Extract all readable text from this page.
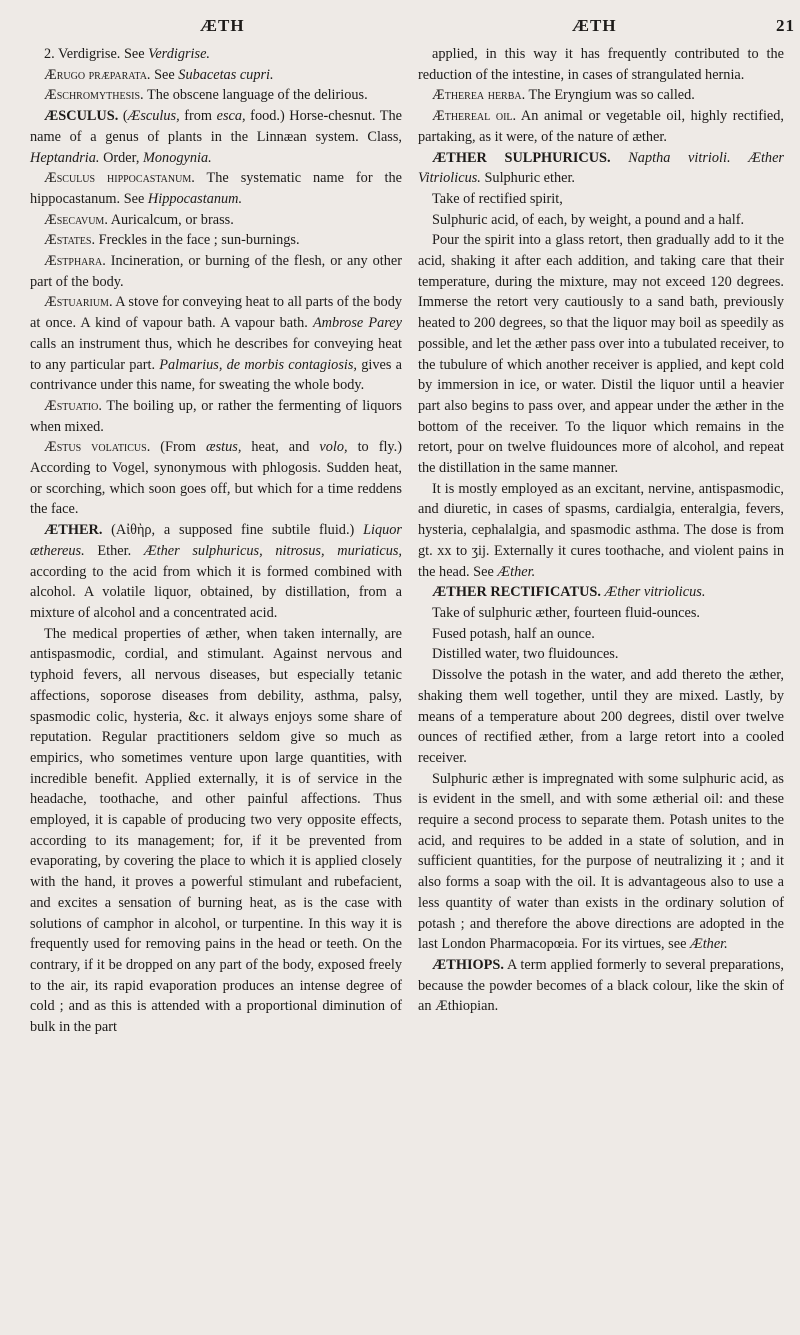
ÆTH	ÆTH	21

2. Verdigrise. See Verdigrise.

Ærugo præparata. See Subacetas cupri.

Æschromythesis. The obscene language of the delirious.

ÆSCULUS. (Æsculus, from esca, food.) Horse-chesnut. The name of a genus of plants in the Linnæan system. Class, Heptandria. Order, Monogynia.

Æsculus hippocastanum. The systematic name for the hippocastanum. See Hippocastanum.

Æsecavum. Auricalcum, or brass.

Æstates. Freckles in the face ; sun-burnings.

Æstphara. Incineration, or burning of the flesh, or any other part of the body.

Æstuarium. A stove for conveying heat to all parts of the body at once. A kind of vapour bath. A vapour bath. Ambrose Parey calls an instrument thus, which he describes for conveying heat to any particular part. Palmarius, de morbis contagiosis, gives a contrivance under this name, for sweating the whole body.

Æstuatio. The boiling up, or rather the fermenting of liquors when mixed.

Æstus volaticus. (From æstus, heat, and volo, to fly.) According to Vogel, synonymous with phlogosis. Sudden heat, or scorching, which soon goes off, but which for a time reddens the face.

ÆTHER. (Αἰθὴρ, a supposed fine subtile fluid.) Liquor æthereus. Ether. Æther sulphuricus, nitrosus, muriaticus, according to the acid from which it is formed combined with alcohol. A volatile liquor, obtained, by distillation, from a mixture of alcohol and a concentrated acid.

The medical properties of æther, when taken internally, are antispasmodic, cordial, and stimulant. Against nervous and typhoid fevers, all nervous diseases, but especially tetanic affections, soporose diseases from debility, asthma, palsy, spasmodic colic, hysteria, &c. it always enjoys some share of reputation. Regular practitioners seldom give so much as empirics, who sometimes venture upon large quantities, with incredible benefit. Applied externally, it is of service in the headache, toothache, and other painful affections. Thus employed, it is capable of producing two very opposite effects, according to its management; for, if it be prevented from evaporating, by covering the place to which it is applied closely with the hand, it proves a powerful stimulant and rubefacient, and excites a sensation of burning heat, as is the case with solutions of camphor in alcohol, or turpentine. In this way it is frequently used for removing pains in the head or teeth. On the contrary, if it be dropped on any part of the body, exposed freely to the air, its rapid evaporation produces an intense degree of cold ; and as this is attended with a proportional diminution of bulk in the part

applied, in this way it has frequently contributed to the reduction of the intestine, in cases of strangulated hernia.

Ætherea herba. The Eryngium was so called.

Æthereal oil. An animal or vegetable oil, highly rectified, partaking, as it were, of the nature of æther.

ÆTHER SULPHURICUS. Naptha vitrioli. Æther Vitriolicus. Sulphuric ether.

Take of rectified spirit,

Sulphuric acid, of each, by weight, a pound and a half.

Pour the spirit into a glass retort, then gradually add to it the acid, shaking it after each addition, and taking care that their temperature, during the mixture, may not exceed 120 degrees. Immerse the retort very cautiously to a sand bath, previously heated to 200 degrees, so that the liquor may boil as speedily as possible, and let the æther pass over into a tubulated receiver, to the tubulure of which another receiver is applied, and kept cold by immersion in ice, or water. Distil the liquor until a heavier part also begins to pass over, and appear under the æther in the bottom of the receiver. To the liquor which remains in the retort, pour on twelve fluidounces more of alcohol, and repeat the distillation in the same manner.

It is mostly employed as an excitant, nervine, antispasmodic, and diuretic, in cases of spasms, cardialgia, enteralgia, fevers, hysteria, cephalalgia, and spasmodic asthma. The dose is from gt. xx to ʒij. Externally it cures toothache, and violent pains in the head. See Æther.

ÆTHER RECTIFICATUS. Æther vitriolicus.

Take of sulphuric æther, fourteen fluid-ounces.

Fused potash, half an ounce.

Distilled water, two fluidounces.

Dissolve the potash in the water, and add thereto the æther, shaking them well together, until they are mixed. Lastly, by means of a temperature about 200 degrees, distil over twelve ounces of rectified æther, from a large retort into a cooled receiver.

Sulphuric æther is impregnated with some sulphuric acid, as is evident in the smell, and with some ætherial oil: and these require a second process to separate them. Potash unites to the acid, and requires to be added in a state of solution, and in sufficient quantities, for the purpose of neutralizing it ; and it also forms a soap with the oil. It is advantageous also to use a less quantity of water than exists in the ordinary solution of potash ; and therefore the above directions are adopted in the last London Pharmacopœia. For its virtues, see Æther.

ÆTHIOPS. A term applied formerly to several preparations, because the powder becomes of a black colour, like the skin of an Æthiopian.
